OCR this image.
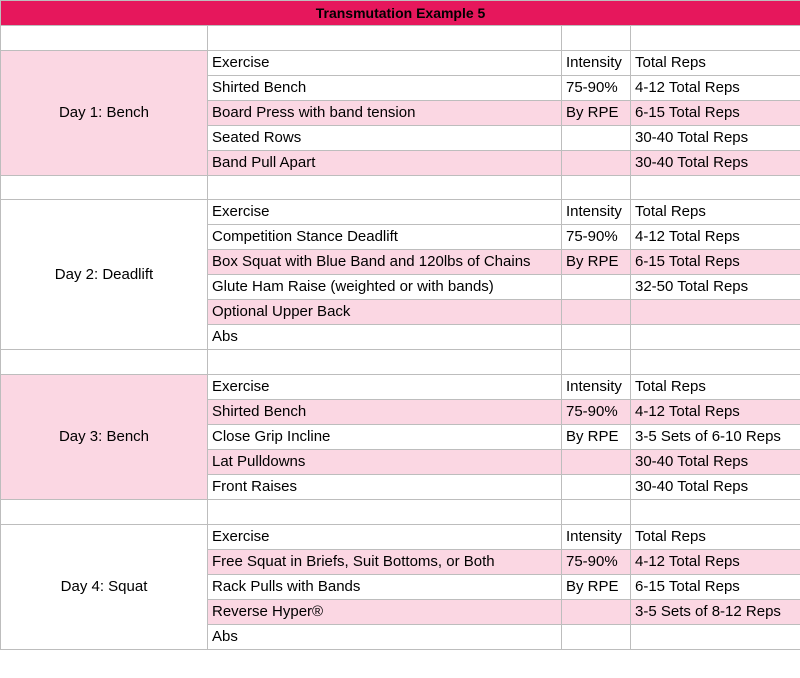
Transmutation Example 5			

Day 1: Bench	Exercise	Intensity	Total Reps
	Shirted Bench	75-90%	4-12 Total Reps
	Board Press with band tension	By RPE	6-15 Total Reps
	Seated Rows		30-40 Total Reps
	Band Pull Apart		30-40 Total Reps

Day 2: Deadlift	Exercise	Intensity	Total Reps
	Competition Stance Deadlift	75-90%	4-12 Total Reps
	Box Squat with Blue Band and 120lbs of Chains	By RPE	6-15 Total Reps
	Glute Ham Raise (weighted or with bands)		32-50 Total Reps
	Optional Upper Back		
	Abs		

Day 3: Bench	Exercise	Intensity	Total Reps
	Shirted Bench	75-90%	4-12 Total Reps
	Close Grip Incline	By RPE	3-5 Sets of 6-10 Reps
	Lat Pulldowns		30-40 Total Reps
	Front Raises		30-40 Total Reps

Day 4: Squat	Exercise	Intensity	Total Reps
	Free Squat in Briefs, Suit Bottoms, or Both	75-90%	4-12 Total Reps
	Rack Pulls with Bands	By RPE	6-15 Total Reps
	Reverse Hyper®		3-5 Sets of 8-12 Reps
	Abs		
